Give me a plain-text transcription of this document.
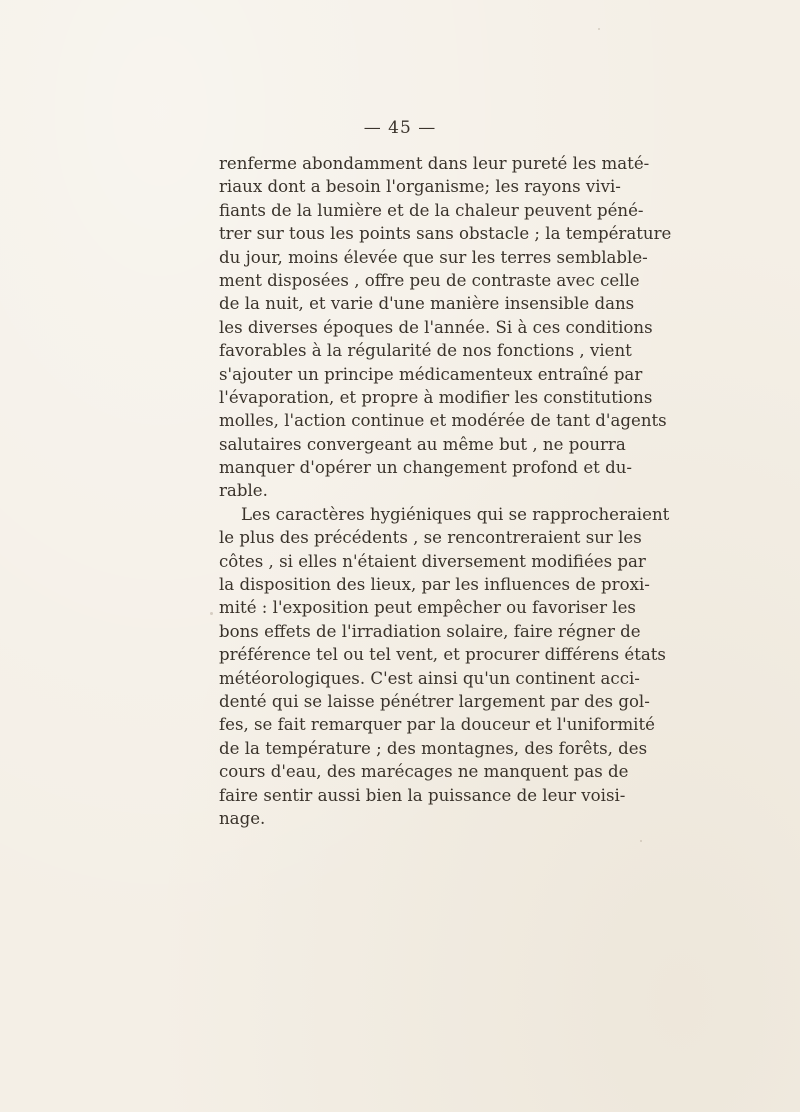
— 45 —
renferme abondamment dans leur pureté les maté-
riaux dont a besoin l'organisme; les rayons vivi-
fiants de la lumière et de la chaleur peuvent péné-
trer sur tous les points sans obstacle ; la température
du jour, moins élevée que sur les terres semblable-
ment disposées , offre peu de contraste avec celle
de la nuit, et varie d'une manière insensible dans
les diverses époques de l'année. Si à ces conditions
favorables à la régularité de nos fonctions , vient
s'ajouter un principe médicamenteux entraîné par
l'évaporation, et propre à modifier les constitutions
molles, l'action continue et modérée de tant d'agents
salutaires convergeant au même but , ne pourra
manquer d'opérer un changement profond et du-
rable.
Les caractères hygiéniques qui se rapprocheraient
le plus des précédents , se rencontreraient sur les
côtes , si elles n'étaient diversement modifiées par
la disposition des lieux, par les influences de proxi-
mité : l'exposition peut empêcher ou favoriser les
bons effets de l'irradiation solaire, faire régner de
préférence tel ou tel vent, et procurer différens états
météorologiques. C'est ainsi qu'un continent acci-
denté qui se laisse pénétrer largement par des gol-
fes, se fait remarquer par la douceur et l'uniformité
de la température ; des montagnes, des forêts, des
cours d'eau, des marécages ne manquent pas de
faire sentir aussi bien la puissance de leur voisi-
nage.
